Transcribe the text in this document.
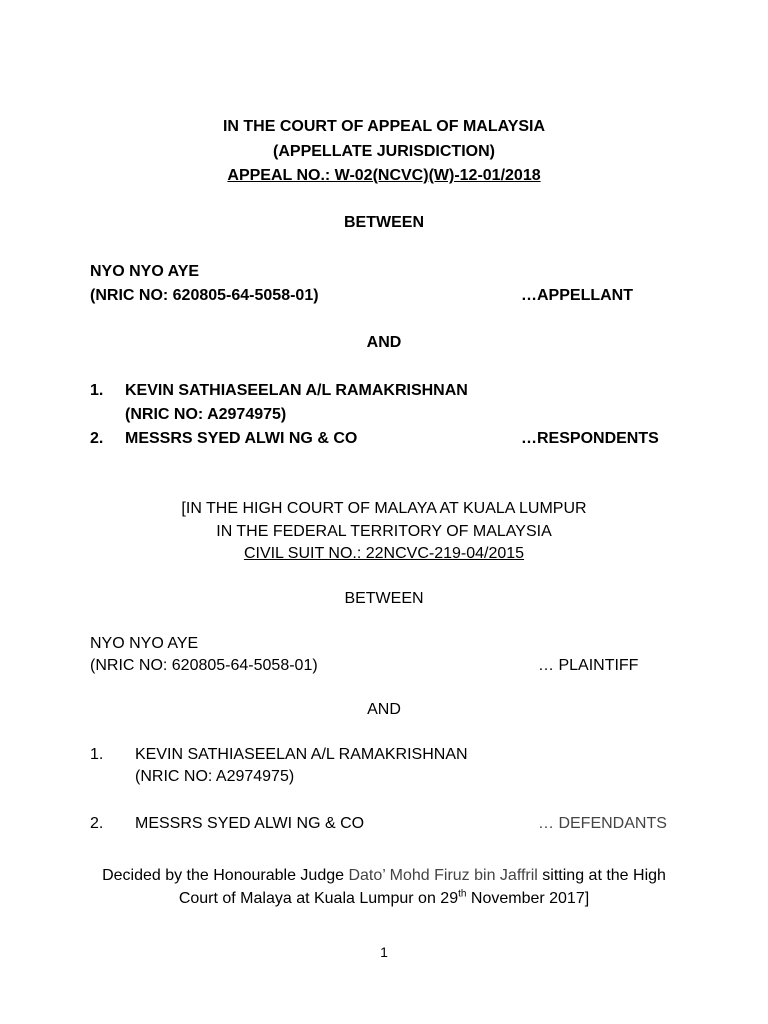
IN THE COURT OF APPEAL OF MALAYSIA
(APPELLATE JURISDICTION)
APPEAL NO.: W-02(NCVC)(W)-12-01/2018
BETWEEN
NYO NYO AYE
(NRIC NO: 620805-64-5058-01)	…APPELLANT
AND
1. KEVIN SATHIASEELAN A/L RAMAKRISHNAN
(NRIC NO: A2974975)
2. MESSRS SYED ALWI NG & CO	…RESPONDENTS
[IN THE HIGH COURT OF MALAYA AT KUALA LUMPUR
IN THE FEDERAL TERRITORY OF MALAYSIA
CIVIL SUIT NO.: 22NCVC-219-04/2015
BETWEEN
NYO NYO AYE
(NRIC NO: 620805-64-5058-01)	… PLAINTIFF
AND
1. KEVIN SATHIASEELAN A/L RAMAKRISHNAN
(NRIC NO: A2974975)
2. MESSRS SYED ALWI NG & CO	… DEFENDANTS
Decided by the Honourable Judge Dato’ Mohd Firuz bin Jaffril sitting at the High
Court of Malaya at Kuala Lumpur on 29th November 2017]
1
